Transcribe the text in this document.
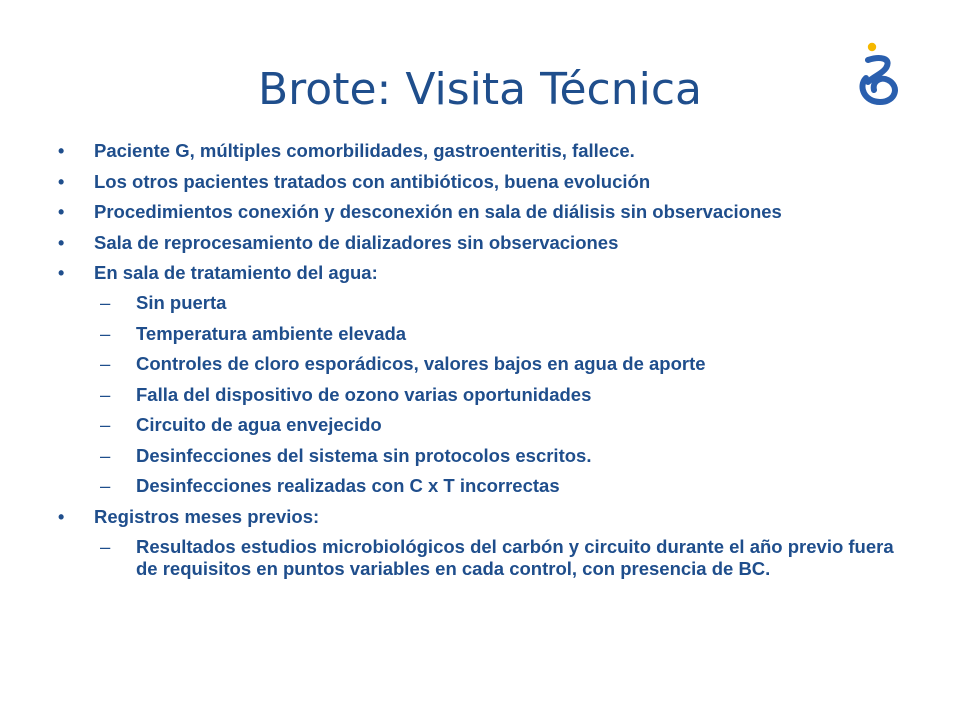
Brote: Visita Técnica
•	Paciente G, múltiples comorbilidades, gastroenteritis, fallece.
•	Los otros pacientes tratados con antibióticos, buena evolución
•	Procedimientos conexión y desconexión en sala de diálisis sin observaciones
•	Sala de reprocesamiento de dializadores sin observaciones
•	En sala de tratamiento del agua:
– Sin puerta
– Temperatura ambiente elevada
– Controles de cloro esporádicos, valores bajos en agua de aporte
– Falla del dispositivo de ozono varias oportunidades
– Circuito de agua envejecido
– Desinfecciones del sistema sin protocolos escritos.
– Desinfecciones realizadas con C x T incorrectas
•	Registros meses previos:
– Resultados estudios microbiológicos del carbón y circuito durante el año previo fuera de requisitos en puntos variables en cada control, con presencia de BC.
